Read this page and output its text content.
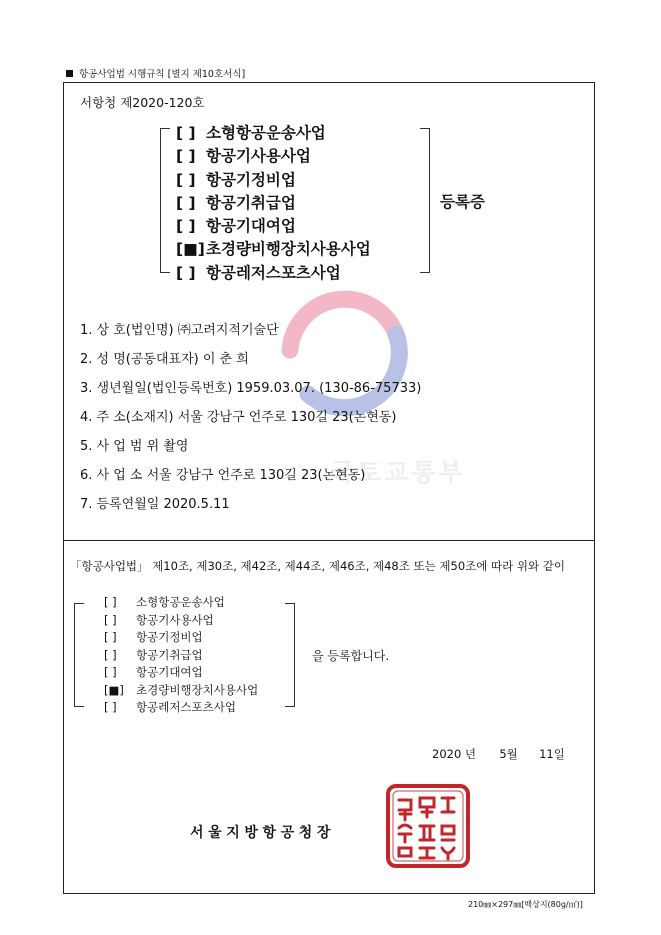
항공사업법 시행규칙 [별지 제10호서식]
서항청 제2020-120호
국토교통부
[ ] 소형항공운송사업
[ ] 항공기사용사업
[ ] 항공기정비업
[ ] 항공기취급업
[ ] 항공기대여업
[■]초경량비행장치사용사업
[ ] 항공레저스포츠사업
등록증
1. 상 호(법인명) ㈜고려지적기술단
2. 성 명(공동대표자) 이 춘 희
3. 생년월일(법인등록번호) 1959.03.07. (130-86-75733)
4. 주 소(소재지) 서울 강남구 언주로 130길 23(논현동)
5. 사 업 범 위 촬영
6. 사 업 소 서울 강남구 언주로 130길 23(논현동)
7. 등록연월일 2020.5.11
「항공사업법」 제10조, 제30조, 제42조, 제44조, 제46조, 제48조 또는 제50조에 따라 위와 같이
[ ] 소형항공운송사업
[ ] 항공기사용사업
[ ] 항공기정비업
[ ] 항공기취급업
[ ] 항공기대여업
[■] 초경량비행장치사용사업
[ ] 항공레저스포츠사업
을 등록합니다.
2020 년 5월 11일
서울지방항공청장
210㎜×297㎜[백상지(80g/㎡)]
